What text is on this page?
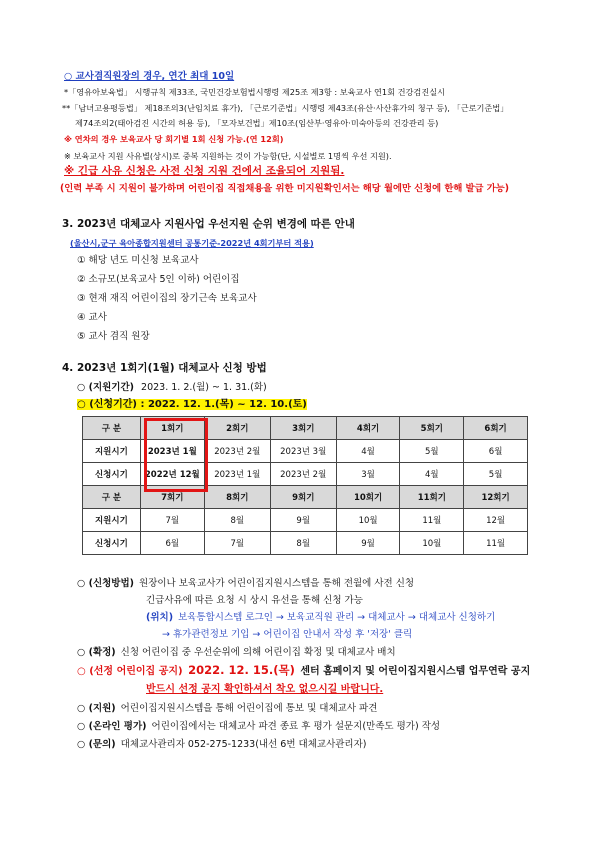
○ 교사겸직원장의 경우, 연간 최대 10일
*「영유아보육법」 시행규칙 제33조, 국민건강보험법시행령 제25조 제3항 : 보육교사 연1회 건강검진실시
**「남녀고용평등법」 제18조의3(난임치료 휴가), 「근로기준법」시행령 제43조(유산·사산휴가의 청구 등), 「근로기준법」
제74조의2(태아검진 시간의 허용 등), 「모자보건법」제10조(임산부·영유아·미숙아등의 건강관리 등)
※ 연차의 경우 보육교사 당 회기별 1회 신청 가능.(연 12회)
※ 보육교사 지원 사유별(상시)로 중복 지원하는 것이 가능함(단, 시설별로 1명씩 우선 지원).
※ 긴급 사유 신청은 사전 신청 지원 건에서 조율되어 지원됨.
(인력 부족 시 지원이 불가하며 어린이집 직접채용을 위한 미지원확인서는 해당 월에만 신청에 한해 발급 가능)
3. 2023년 대체교사 지원사업 우선지원 순위 변경에 따른 안내
(울산시,군구 육아종합지원센터 공통기준-2022년 4회기부터 적용)
① 해당 년도 미신청 보육교사
② 소규모(보육교사 5인 이하) 어린이집
③ 현재 재직 어린이집의 장기근속 보육교사
④ 교사
⑤ 교사 겸직 원장
4. 2023년 1회기(1월) 대체교사 신청 방법
○ (지원기간) 2023. 1. 2.(월) ~ 1. 31.(화)
○ (신청기간) : 2022. 12. 1.(목) ~ 12. 10.(토)
구 분	1회기	2회기	3회기	4회기	5회기	6회기
지원시기	2023년 1월	2023년 2월	2023년 3월	4월	5월	6월
신청시기	2022년 12월	2023년 1월	2023년 2월	3월	4월	5월
구 분	7회기	8회기	9회기	10회기	11회기	12회기
지원시기	7월	8월	9월	10월	11월	12월
신청시기	6월	7월	8월	9월	10월	11월
○ (신청방법) 원장이나 보육교사가 어린이집지원시스템을 통해 전월에 사전 신청
긴급사유에 따른 요청 시 상시 유선을 통해 신청 가능
(위치) 보육통합시스템 로그인 → 보육교직원 관리 → 대체교사 → 대체교사 신청하기
→ 휴가관련정보 기입 → 어린이집 안내서 작성 후 '저장' 클릭
○ (확정) 신청 어린이집 중 우선순위에 의해 어린이집 확정 및 대체교사 배치
○ (선정 어린이집 공지) 2022. 12. 15.(목) 센터 홈페이지 및 어린이집지원시스템 업무연락 공지
반드시 선정 공지 확인하셔서 착오 없으시길 바랍니다.
○ (지원) 어린이집지원시스템을 통해 어린이집에 통보 및 대체교사 파견
○ (온라인 평가) 어린이집에서는 대체교사 파견 종료 후 평가 설문지(만족도 평가) 작성
○ (문의) 대체교사관리자 052-275-1233(내선 6번 대체교사관리자)
